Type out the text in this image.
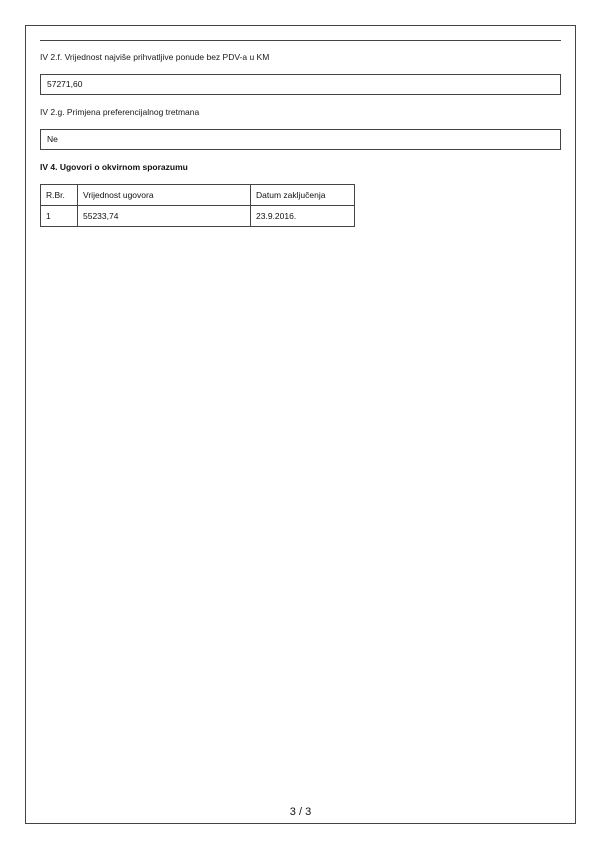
IV 2.f. Vrijednost najviše prihvatljive ponude bez PDV-a u KM
57271,60
IV 2.g. Primjena preferencijalnog tretmana
Ne
IV 4. Ugovori o okvirnom sporazumu
R.Br.	Vrijednost ugovora	Datum zaključenja
1	55233,74	23.9.2016.
3 / 3
